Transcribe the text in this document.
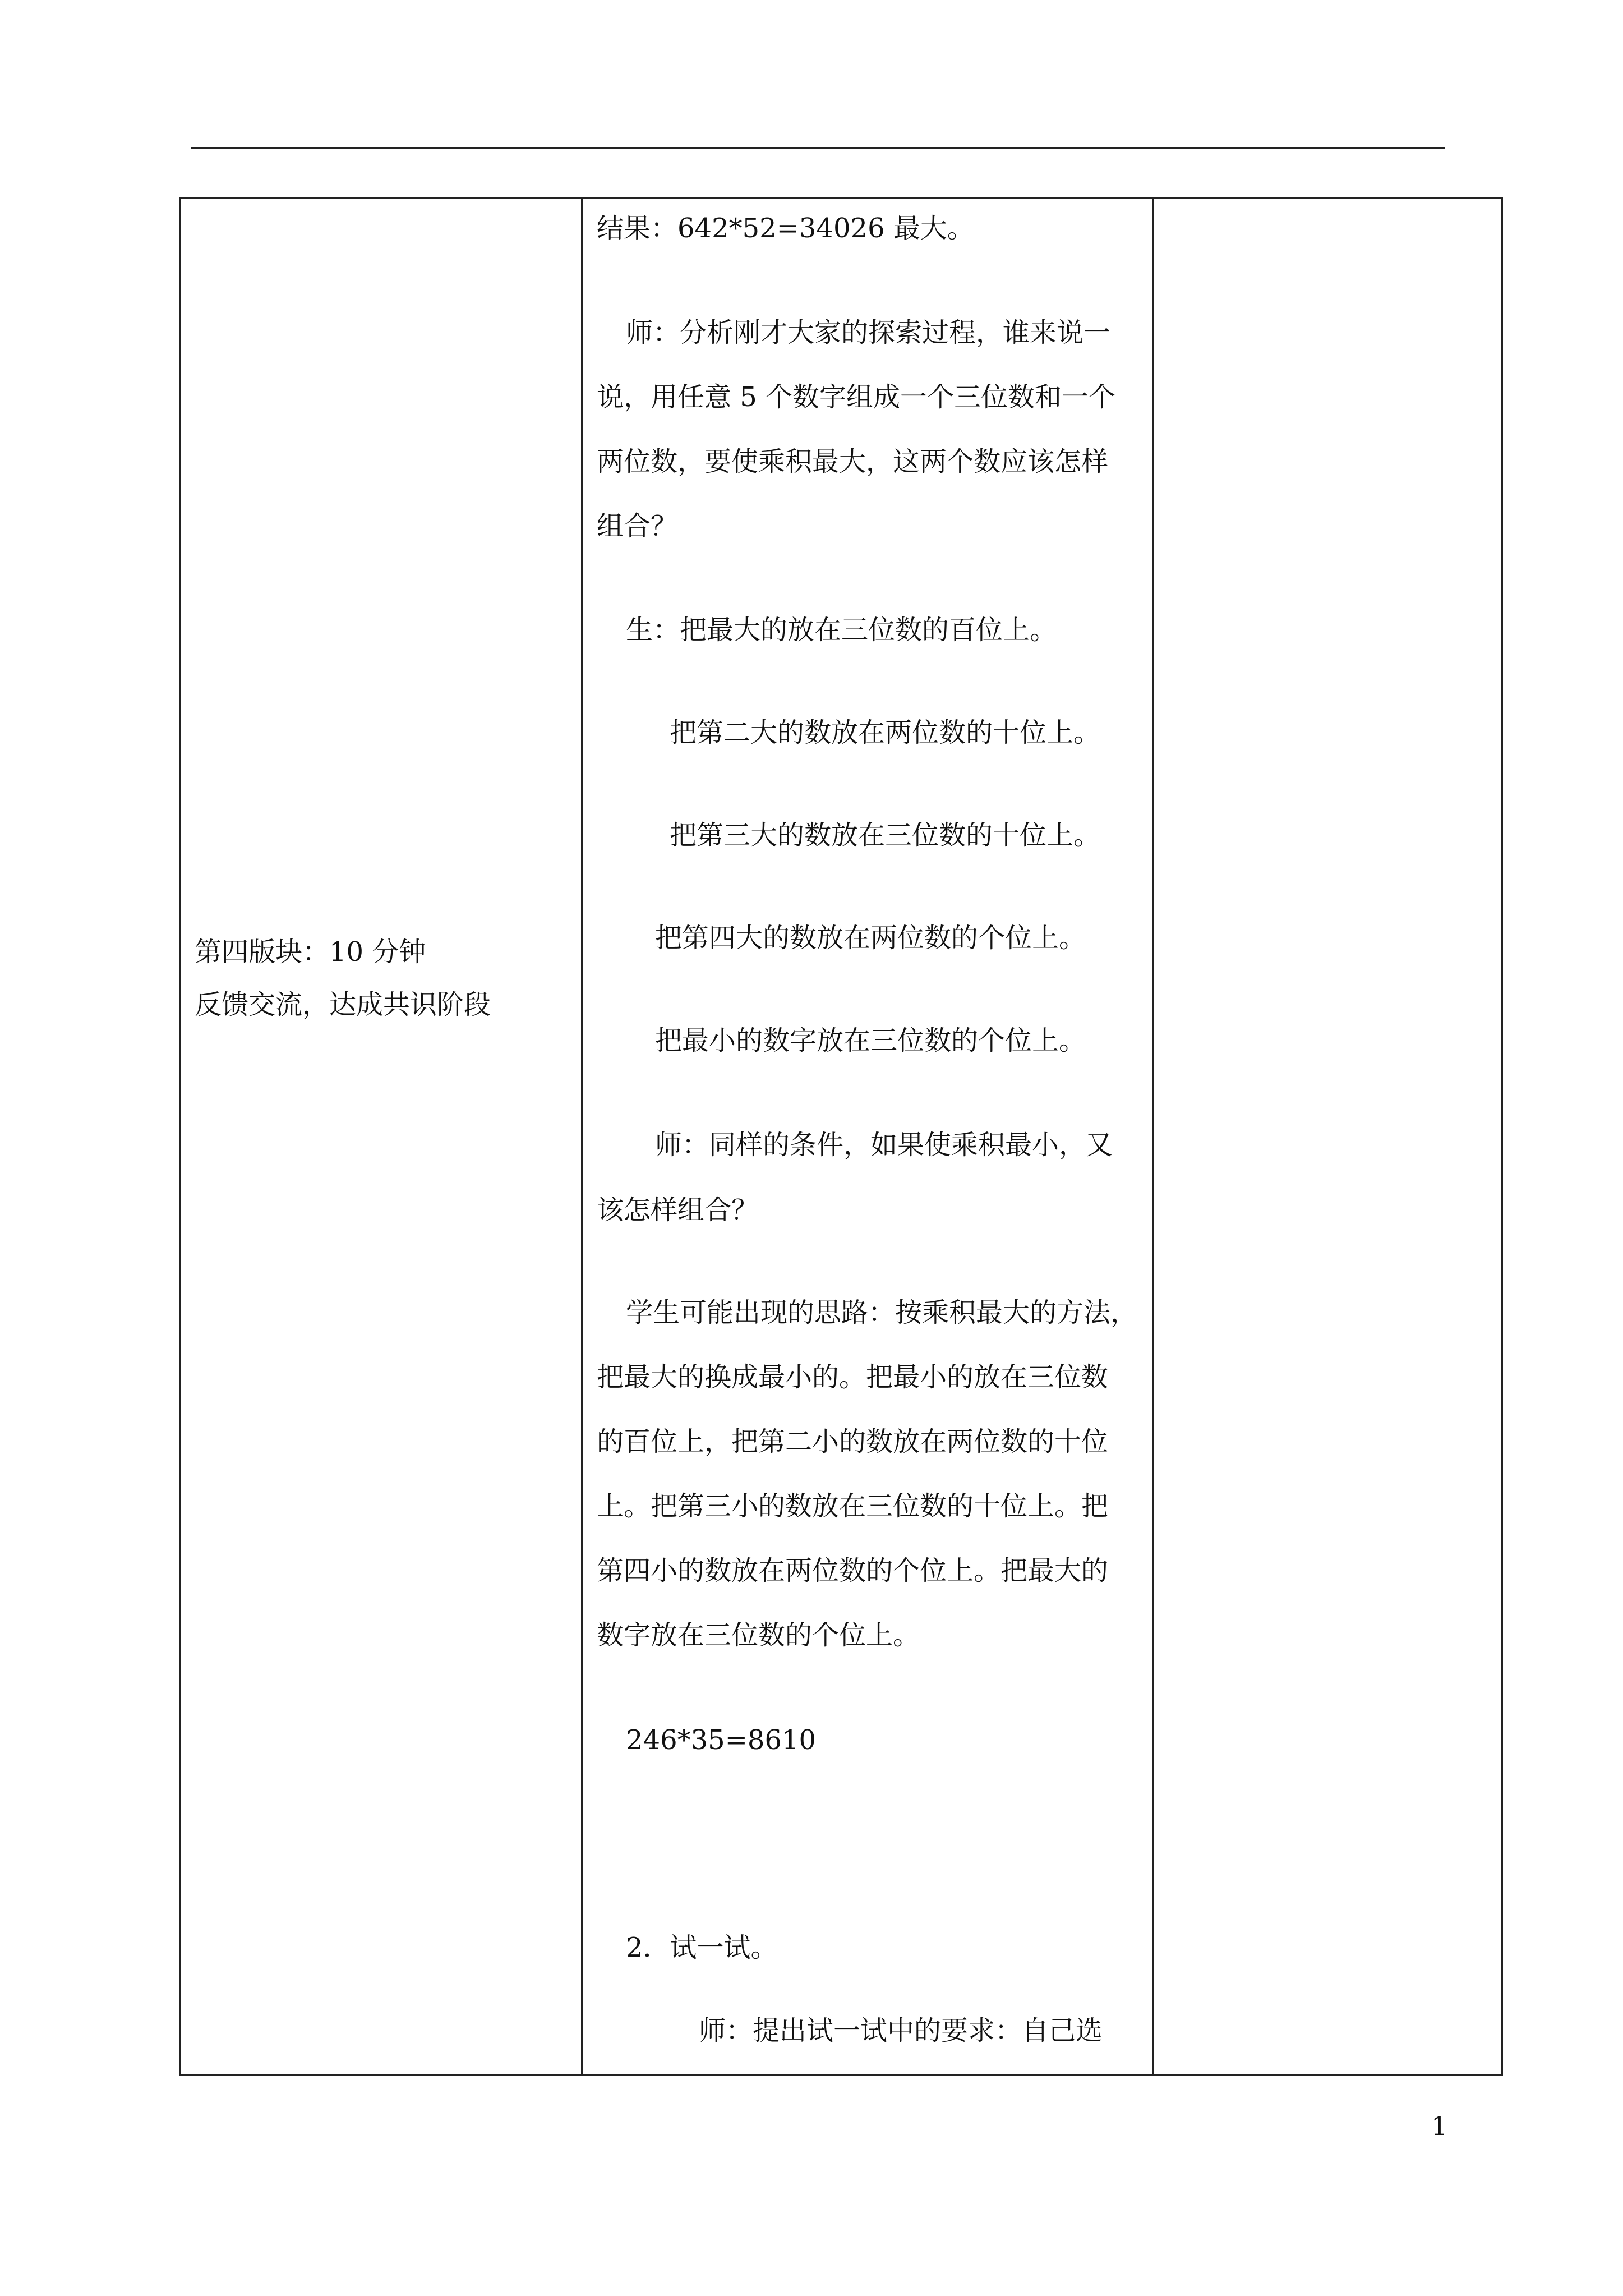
第四版块：10 分钟
反馈交流，达成共识阶段
结果：642*52=34026 最大。
师：分析刚才大家的探索过程，谁来说一
说，用任意 5 个数字组成一个三位数和一个
两位数，要使乘积最大，这两个数应该怎样
组合？
生：把最大的放在三位数的百位上。
把第二大的数放在两位数的十位上。
把第三大的数放在三位数的十位上。
把第四大的数放在两位数的个位上。
把最小的数字放在三位数的个位上。
师：同样的条件，如果使乘积最小，又
该怎样组合？
学生可能出现的思路：按乘积最大的方法，
把最大的换成最小的。把最小的放在三位数
的百位上，把第二小的数放在两位数的十位
上。把第三小的数放在三位数的十位上。把
第四小的数放在两位数的个位上。把最大的
数字放在三位数的个位上。
246*35=8610
2．试一试。
师：提出试一试中的要求：自己选
1
